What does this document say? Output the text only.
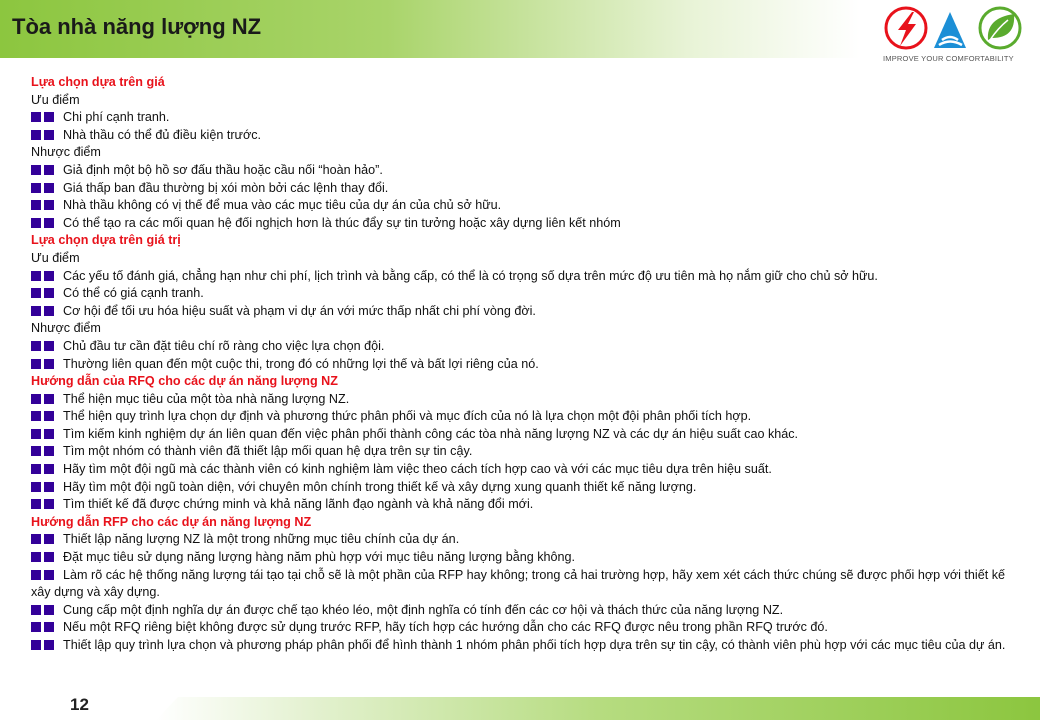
Tòa nhà năng lượng NZ
IMPROVE YOUR COMFORTABILITY

Lựa chọn dựa trên giá

Ưu điểm

Chi phí cạnh tranh.

Nhà thầu có thể đủ điều kiện trước.

Nhược điểm

Giả định một bộ hồ sơ đấu thầu hoặc cầu nối “hoàn hảo”.

Giá thấp ban đầu thường bị xói mòn bởi các lệnh thay đổi.

Nhà thầu không có vị thế để mua vào các mục tiêu của dự án của chủ sở hữu.

Có thể tạo ra các mối quan hệ đối nghịch hơn là thúc đẩy sự tin tưởng hoặc xây dựng liên kết nhóm

Lựa chọn dựa trên giá trị

Ưu điểm

Các yếu tố đánh giá, chẳng hạn như chi phí, lịch trình và bằng cấp, có thể là có trọng số dựa trên mức độ ưu tiên mà họ nắm giữ cho chủ sở hữu.

Có thể có giá cạnh tranh.

Cơ hội để tối ưu hóa hiệu suất và phạm vi dự án với mức thấp nhất chi phí vòng đời.

Nhược điểm

Chủ đầu tư cần đặt tiêu chí rõ ràng cho việc lựa chọn đội.

Thường liên quan đến một cuộc thi, trong đó có những lợi thế và bất lợi riêng của nó.

Hướng dẫn của RFQ cho các dự án năng lượng NZ

Thể hiện mục tiêu của một tòa nhà năng lượng NZ.

Thể hiện quy trình lựa chọn dự định và phương thức phân phối và mục đích của nó là lựa chọn một đội phân phối tích hợp.

Tìm kiếm kinh nghiệm dự án liên quan đến việc phân phối thành công các tòa nhà năng lượng NZ và các dự án hiệu suất cao khác.

Tìm một nhóm có thành viên đã thiết lập mối quan hệ dựa trên sự tin cậy.

Hãy tìm một đội ngũ mà các thành viên có kinh nghiệm làm việc theo cách tích hợp cao và với các mục tiêu dựa trên hiệu suất.

Hãy tìm một đội ngũ toàn diện, với chuyên môn chính trong thiết kế và xây dựng xung quanh thiết kế năng lượng.

Tìm thiết kế đã được chứng minh và khả năng lãnh đạo ngành và khả năng đổi mới.

Hướng dẫn RFP cho các dự án năng lượng NZ

Thiết lập năng lượng NZ là một trong những mục tiêu chính của dự án.

Đặt mục tiêu sử dụng năng lượng hàng năm phù hợp với mục tiêu năng lượng bằng không.

Làm rõ các hệ thống năng lượng tái tạo tại chỗ sẽ là một phần của RFP hay không; trong cả hai trường hợp, hãy xem xét cách thức chúng sẽ được phối hợp với thiết kế xây dựng và xây dựng.

Cung cấp một định nghĩa dự án được chế tạo khéo léo, một định nghĩa có tính đến các cơ hội và thách thức của năng lượng NZ.

Nếu một RFQ riêng biệt không được sử dụng trước RFP, hãy tích hợp các hướng dẫn cho các RFQ được nêu trong phần RFQ trước đó.

Thiết lập quy trình lựa chọn và phương pháp phân phối để hình thành 1 nhóm phân phối tích hợp dựa trên sự tin cậy, có thành viên phù hợp với các mục tiêu của dự án.

12
